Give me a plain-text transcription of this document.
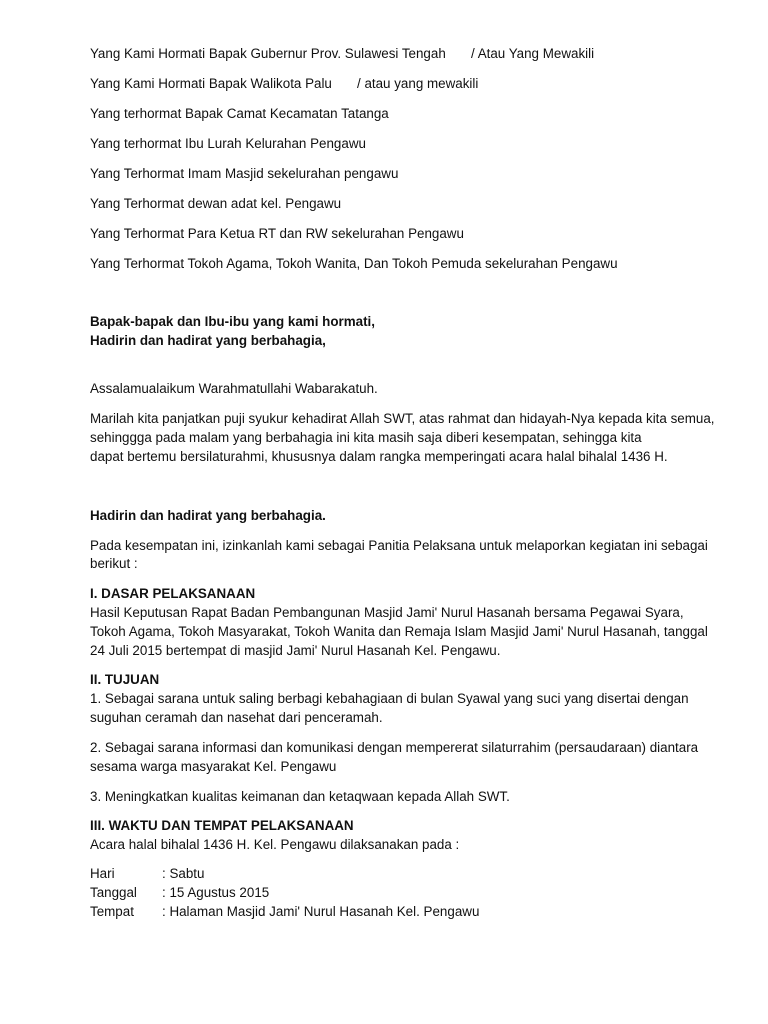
Yang Kami Hormati Bapak Gubernur Prov. Sulawesi Tengah / Atau Yang Mewakili
Yang Kami Hormati Bapak Walikota Palu / atau yang mewakili
Yang terhormat Bapak Camat Kecamatan Tatanga
Yang terhormat Ibu Lurah Kelurahan Pengawu
Yang Terhormat Imam Masjid sekelurahan pengawu
Yang Terhormat dewan adat kel. Pengawu
Yang Terhormat Para Ketua RT dan RW sekelurahan Pengawu
Yang Terhormat Tokoh Agama, Tokoh Wanita, Dan Tokoh Pemuda sekelurahan Pengawu
Bapak-bapak dan Ibu-ibu yang kami hormati,
Hadirin dan hadirat yang berbahagia,
Assalamualaikum Warahmatullahi Wabarakatuh.
Marilah kita panjatkan puji syukur kehadirat Allah SWT, atas rahmat dan hidayah-Nya kepada kita semua,
sehinggga pada malam yang berbahagia ini kita masih saja diberi kesempatan, sehingga kita
dapat bertemu bersilaturahmi, khususnya dalam rangka memperingati acara halal bihalal 1436 H.
Hadirin dan hadirat yang berbahagia.
Pada kesempatan ini, izinkanlah kami sebagai Panitia Pelaksana untuk melaporkan kegiatan ini sebagai
berikut :
I. DASAR PELAKSANAAN
Hasil Keputusan Rapat Badan Pembangunan Masjid Jami' Nurul Hasanah bersama Pegawai Syara,
Tokoh Agama, Tokoh Masyarakat, Tokoh Wanita dan Remaja Islam Masjid Jami' Nurul Hasanah, tanggal
24 Juli 2015 bertempat di masjid Jami' Nurul Hasanah Kel. Pengawu.
II. TUJUAN
1. Sebagai sarana untuk saling berbagi kebahagiaan di bulan Syawal yang suci yang disertai dengan
suguhan ceramah dan nasehat dari penceramah.
2. Sebagai sarana informasi dan komunikasi dengan mempererat silaturrahim (persaudaraan) diantara
sesama warga masyarakat Kel. Pengawu
3. Meningkatkan kualitas keimanan dan ketaqwaan kepada Allah SWT.
III. WAKTU DAN TEMPAT PELAKSANAAN
Acara halal bihalal 1436 H. Kel. Pengawu dilaksanakan pada :
Hari	: Sabtu
Tanggal : 15 Agustus 2015
Tempat : Halaman Masjid Jami' Nurul Hasanah Kel. Pengawu
